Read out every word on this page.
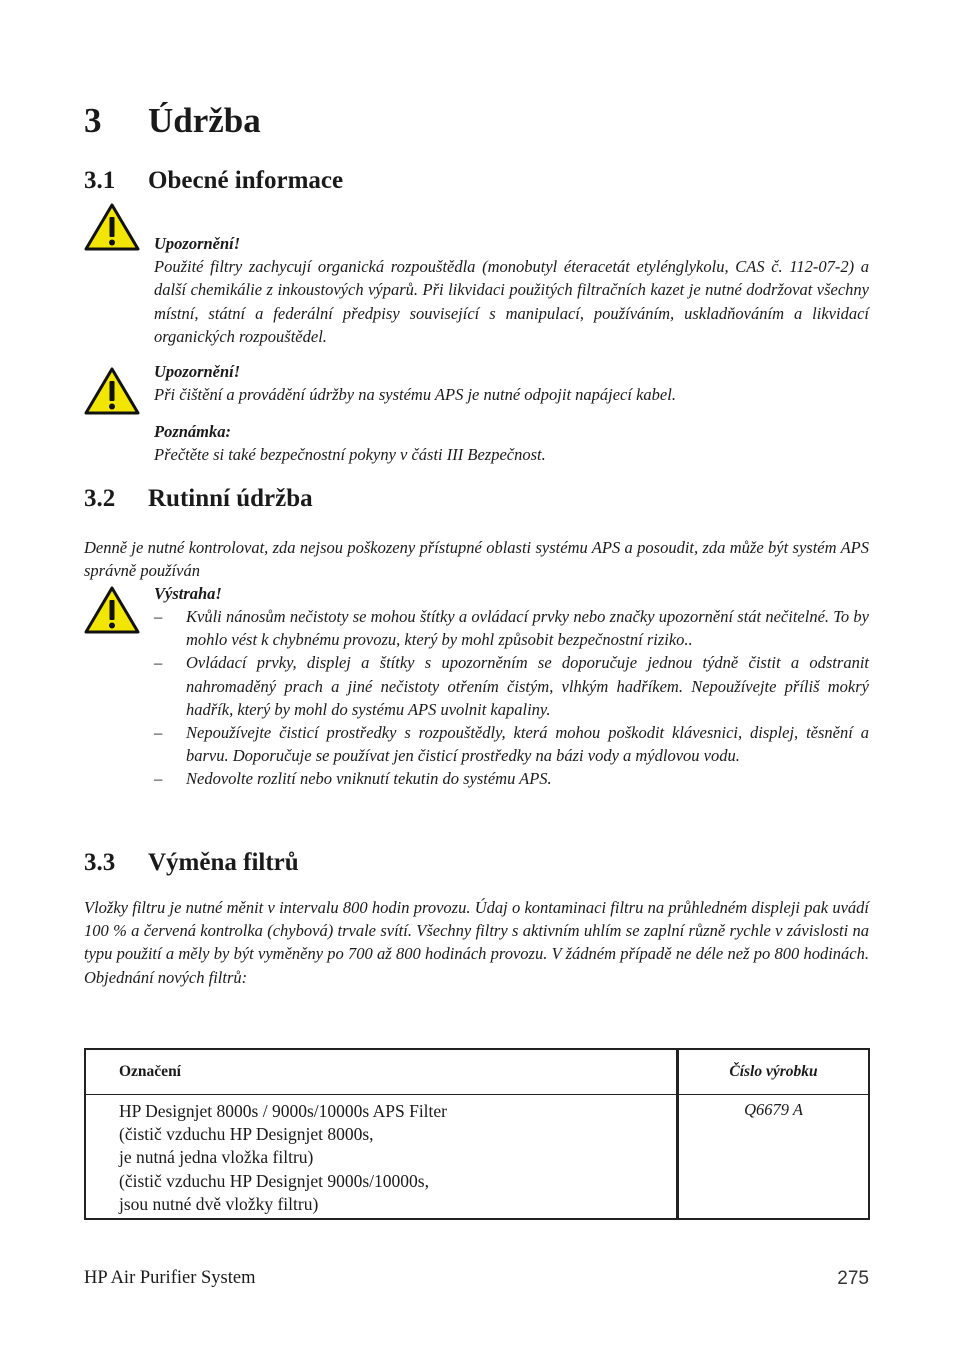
3 Údržba
3.1 Obecné informace
Upozornění!

Použité filtry zachycují organická rozpouštědla (monobutyl éteracetát etylénglykolu, CAS č. 112-07-2) a další chemikálie z inkoustových výparů. Při likvidaci použitých filtračních kazet je nutné dodržovat všechny místní, státní a federální předpisy související s manipulací, používáním, uskladňováním a likvidací organických rozpouštědel.

Upozornění!

Při čištění a provádění údržby na systému APS je nutné odpojit napájecí kabel.

Poznámka:

Přečtěte si také bezpečnostní pokyny v části III Bezpečnost.

3.2 Rutinní údržba

Denně je nutné kontrolovat, zda nejsou poškozeny přístupné oblasti systému APS a posoudit, zda může být systém APS správně používán

Výstraha!
– Kvůli nánosům nečistoty se mohou štítky a ovládací prvky nebo značky upozornění stát nečitelné. To by mohlo vést k chybnému provozu, který by mohl způsobit bezpečnostní riziko..
– Ovládací prvky, displej a štítky s upozorněním se doporučuje jednou týdně čistit a odstranit nahromaděný prach a jiné nečistoty otřením čistým, vlhkým hadříkem. Nepoužívejte příliš mokrý hadřík, který by mohl do systému APS uvolnit kapaliny.
– Nepoužívejte čisticí prostředky s rozpouštědly, která mohou poškodit klávesnici, displej, těsnění a barvu. Doporučuje se používat jen čisticí prostředky na bázi vody a mýdlovou vodu.
– Nedovolte rozlití nebo vniknutí tekutin do systému APS.
3.3 Výměna filtrů

Vložky filtru je nutné měnit v intervalu 800 hodin provozu. Údaj o kontaminaci filtru na průhledném displeji pak uvádí 100 % a červená kontrolka (chybová) trvale svítí. Všechny filtry s aktivním uhlím se zaplní různě rychle v závislosti na typu použití a měly by být vyměněny po 700 až 800 hodinách provozu. V žádném případě ne déle než po 800 hodinách. Objednání nových filtrů:

Označení	Číslo výrobku

HP Designjet 8000s / 9000s/10000s APS Filter
(čistič vzduchu HP Designjet 8000s,
je nutná jedna vložka filtru)
(čistič vzduchu HP Designjet 9000s/10000s,
jsou nutné dvě vložky filtru)	Q6679 A
HP Air Purifier System	275
